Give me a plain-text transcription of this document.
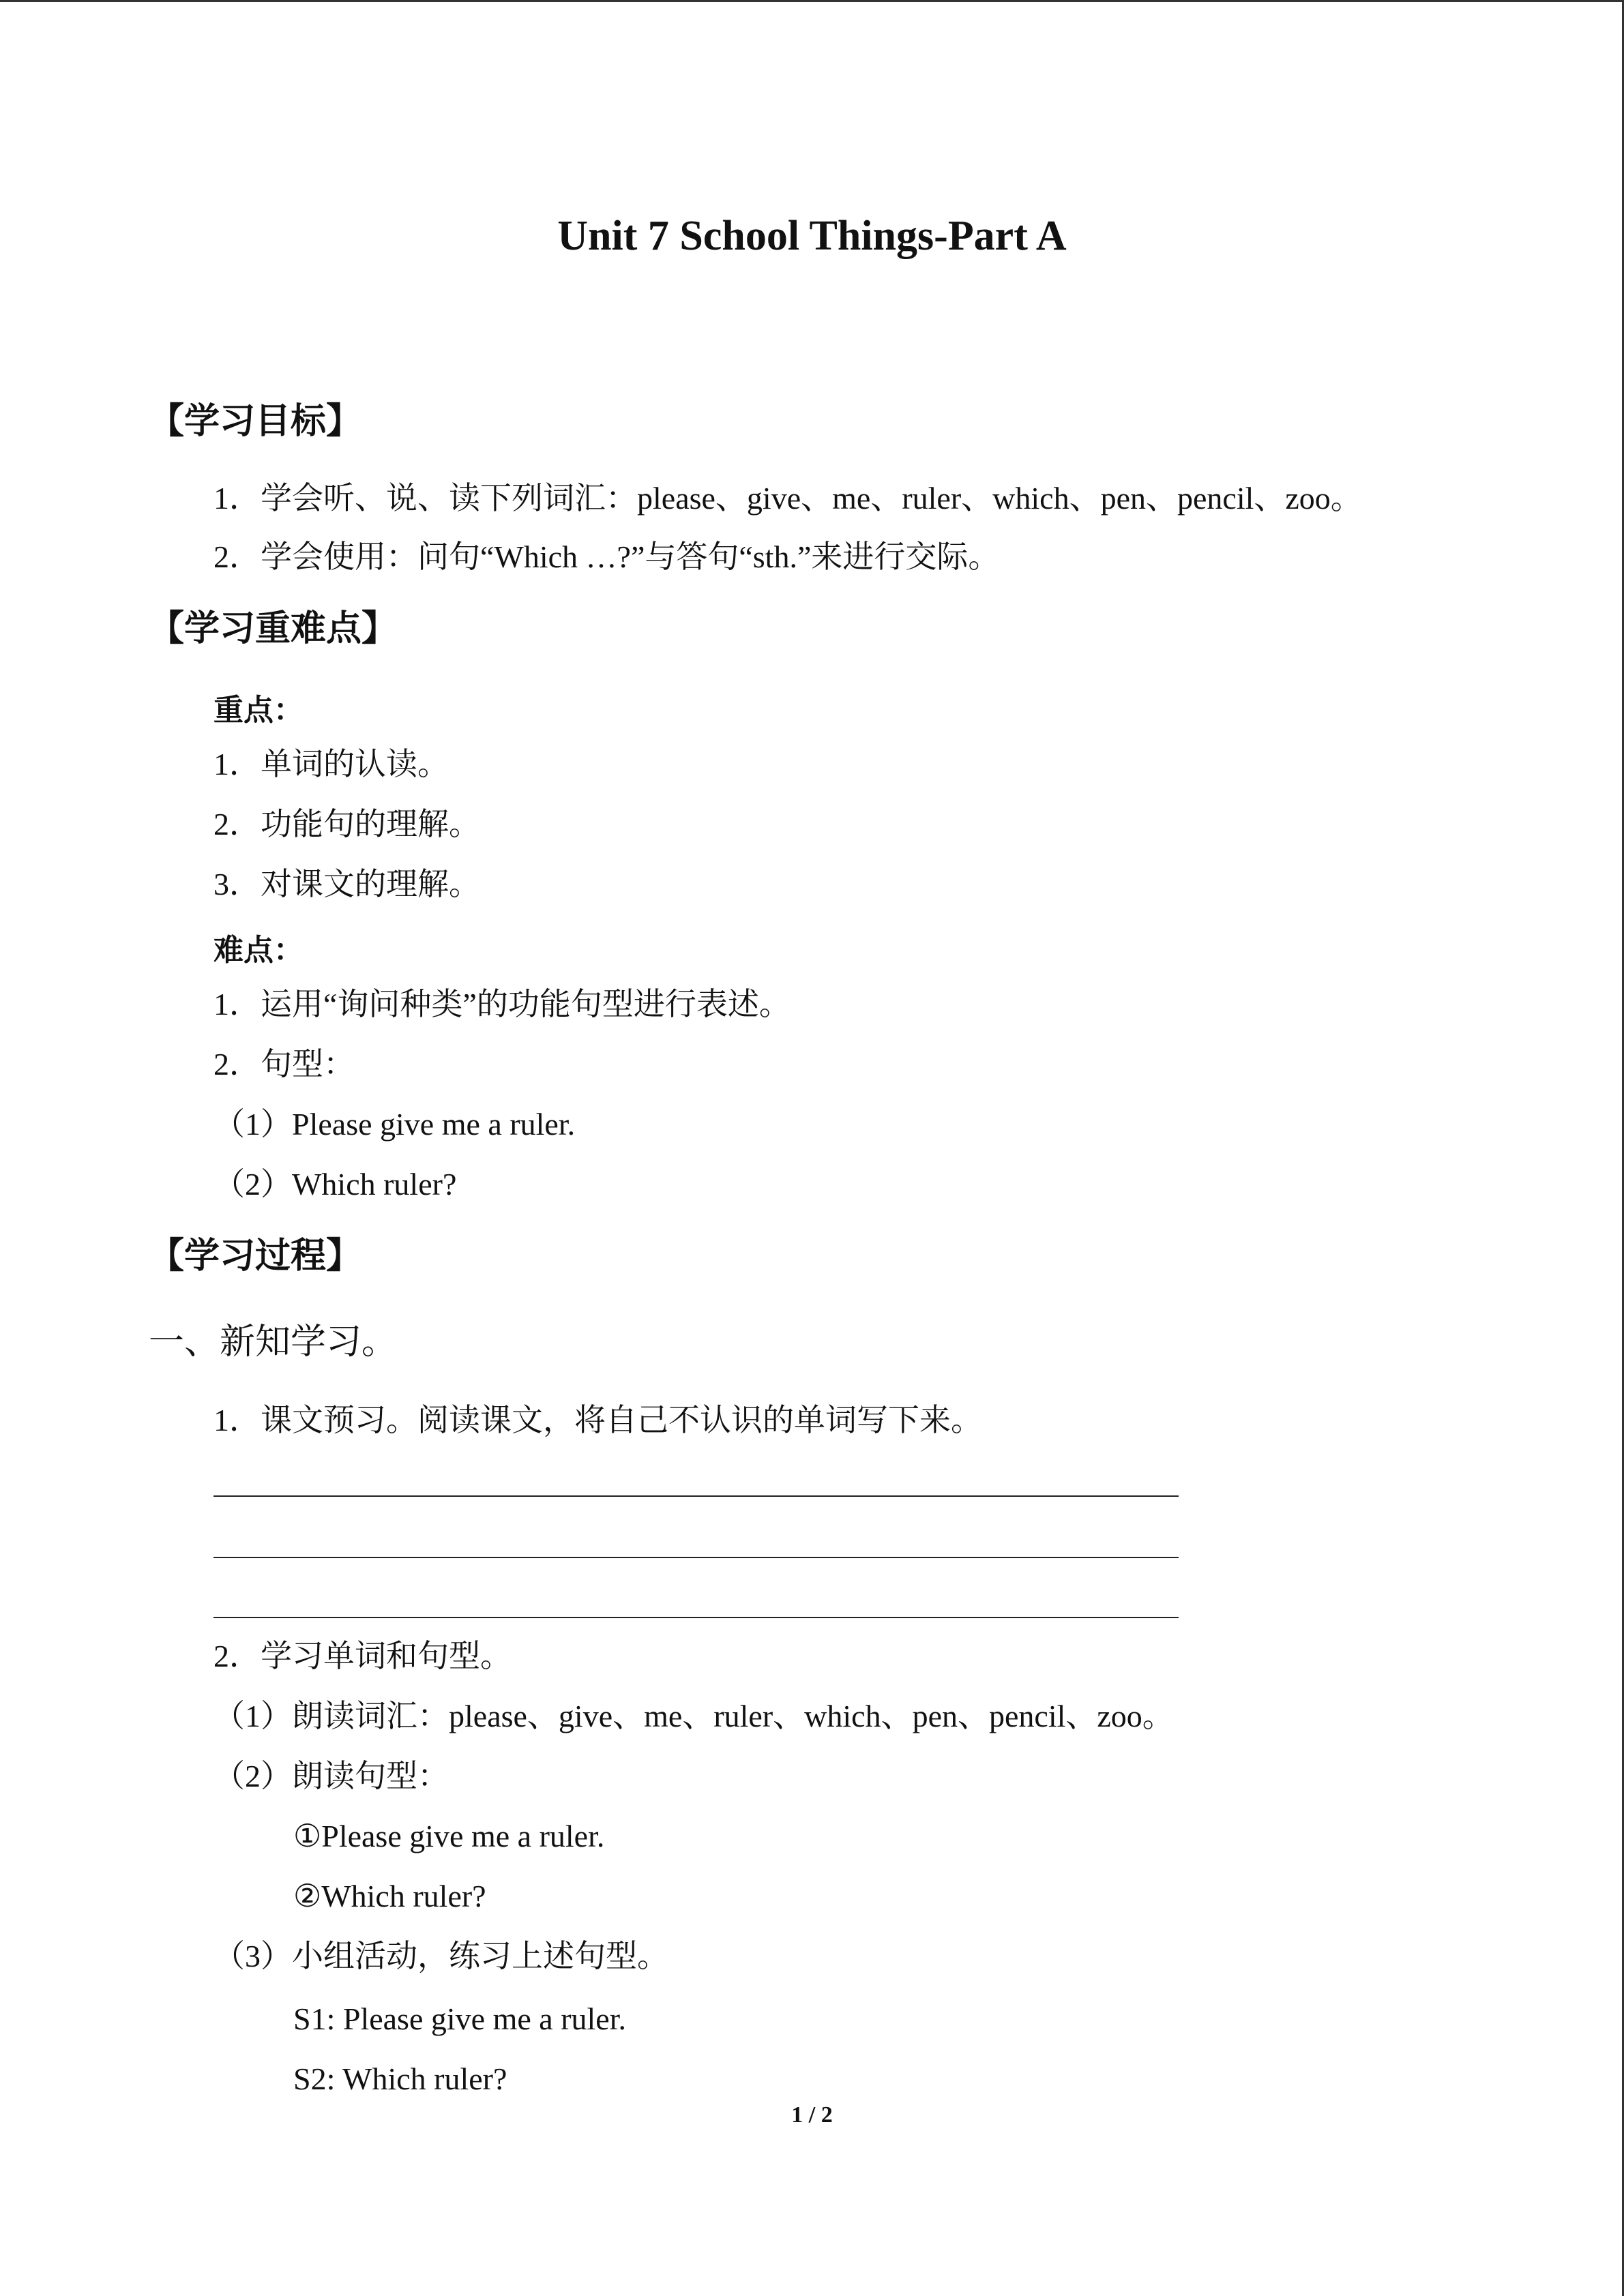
Unit 7 School Things-Part A
【学习目标】
1．学会听、说、读下列词汇：please、give、me、ruler、which、pen、pencil、zoo。
2．学会使用：问句“Which …?”与答句“sth.”来进行交际。
【学习重难点】
重点：
1．单词的认读。
2．功能句的理解。
3．对课文的理解。
难点：
1．运用“询问种类”的功能句型进行表述。
2．句型：
（1）Please give me a ruler.
（2）Which ruler?
【学习过程】
一、新知学习。
1．课文预习。阅读课文，将自己不认识的单词写下来。
2．学习单词和句型。
（1）朗读词汇：please、give、me、ruler、which、pen、pencil、zoo。
（2）朗读句型：
①Please give me a ruler.
②Which ruler?
（3）小组活动，练习上述句型。
S1: Please give me a ruler.
S2: Which ruler?
1 / 2
